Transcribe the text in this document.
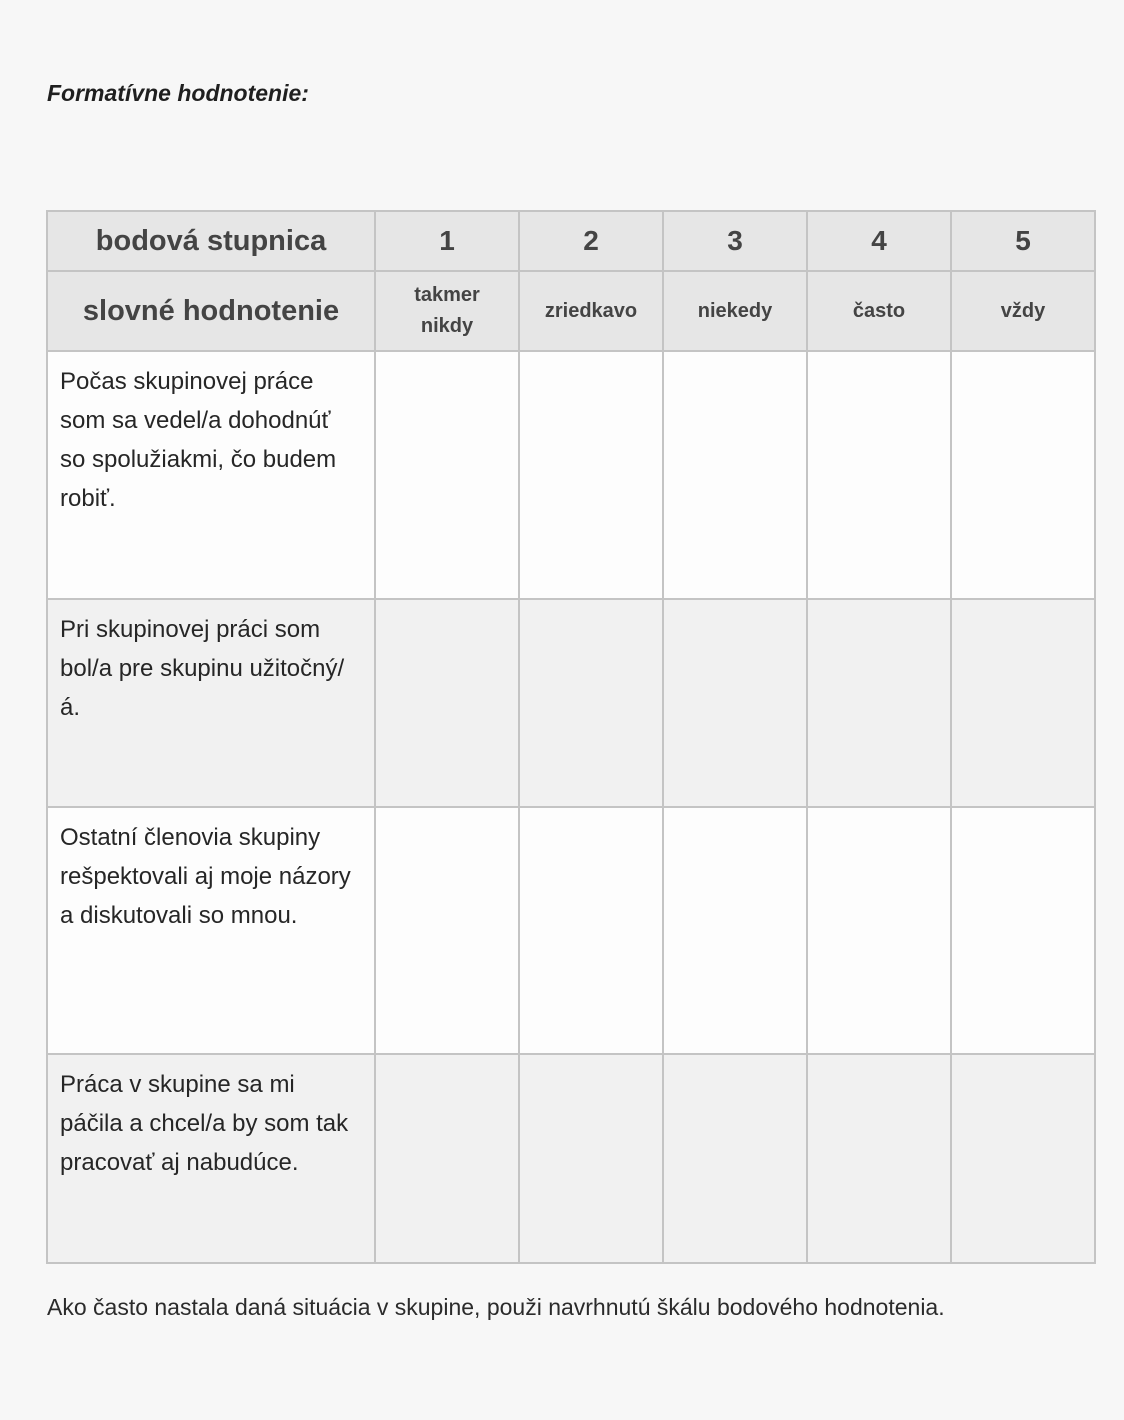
Formatívne hodnotenie:
bodová stupnica	1	2	3	4	5
slovné hodnotenie	takmer nikdy	zriedkavo	niekedy	často	vždy
Počas skupinovej práce som sa vedel/a dohodnúť so spolužiakmi, čo budem robiť.					
Pri skupinovej práci som bol/a pre skupinu užitočný/á.					
Ostatní členovia skupiny rešpektovali aj moje názory a diskutovali so mnou.					
Práca v skupine sa mi páčila a chcel/a by som tak pracovať aj nabudúce.					

Ako často nastala daná situácia v skupine, použi navrhnutú škálu bodového hodnotenia.
